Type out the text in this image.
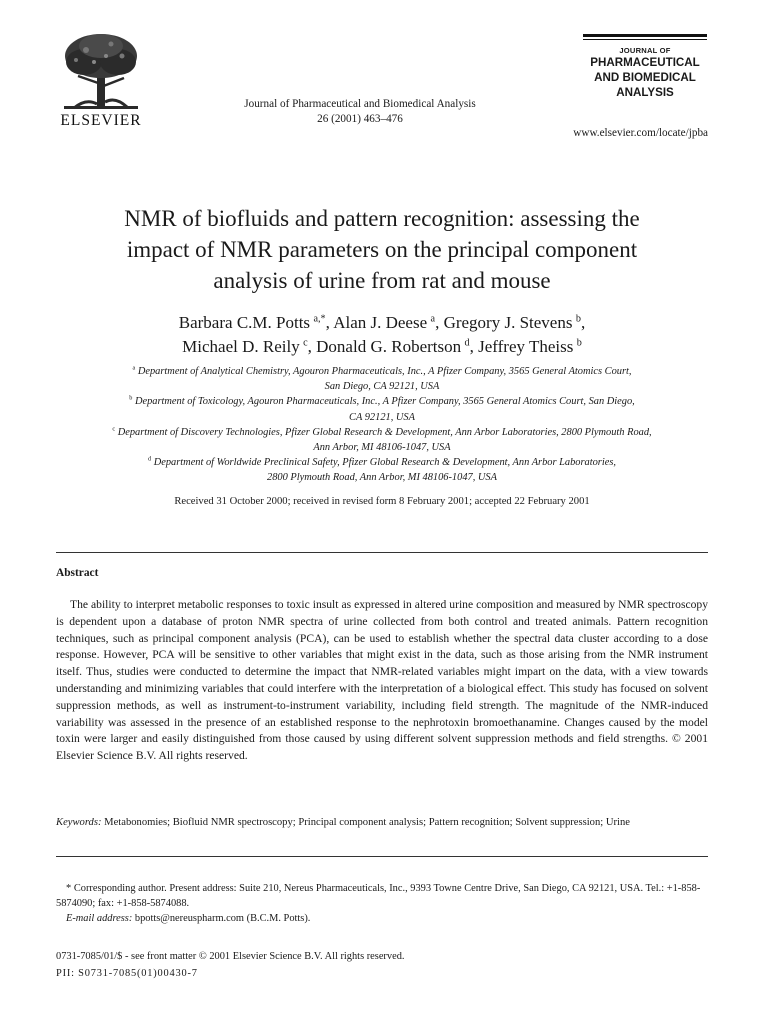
ELSEVIER
Journal of Pharmaceutical and Biomedical Analysis
26 (2001) 463–476
JOURNAL OF
PHARMACEUTICAL
AND BIOMEDICAL
ANALYSIS
www.elsevier.com/locate/jpba
NMR of biofluids and pattern recognition: assessing the
impact of NMR parameters on the principal component
analysis of urine from rat and mouse
Barbara C.M. Potts  $^{a,*}$, Alan J. Deese  $^a$, Gregory J. Stevens  $^b$,
Michael D. Reily  $^c$, Donald G. Robertson  $^d$, Jeffrey Theiss  $^b$
$^a$ Department of Analytical Chemistry, Agouron Pharmaceuticals, Inc., A Pfizer Company, 3565 General Atomics Court,
San Diego, CA 92121, USA
$^b$ Department of Toxicology, Agouron Pharmaceuticals, Inc., A Pfizer Company, 3565 General Atomics Court, San Diego,
CA 92121, USA
$^c$ Department of Discovery Technologies, Pfizer Global Research & Development, Ann Arbor Laboratories, 2800 Plymouth Road,
Ann Arbor, MI 48106-1047, USA
$^d$ Department of Worldwide Preclinical Safety, Pfizer Global Research & Development, Ann Arbor Laboratories,
2800 Plymouth Road, Ann Arbor, MI 48106-1047, USA
Received 31 October 2000; received in revised form 8 February 2001; accepted 22 February 2001
Abstract
The ability to interpret metabolic responses to toxic insult as expressed in altered urine composition and measured by NMR spectroscopy is dependent upon a database of proton NMR spectra of urine collected from both control and treated animals. Pattern recognition techniques, such as principal component analysis (PCA), can be used to establish whether the spectral data cluster according to a dose response. However, PCA will be sensitive to other variables that might exist in the data, such as those arising from the NMR instrument itself. Thus, studies were conducted to determine the impact that NMR-related variables might impart on the data, with a view towards understanding and minimizing variables that could interfere with the interpretation of a biological effect. This study has focused on solvent suppression methods, as well as instrument-to-instrument variability, including field strength. The magnitude of the NMR-induced variability was assessed in the presence of an established response to the nephrotoxin bromoethanamine. Changes caused by the model toxin were larger and easily distinguished from those caused by using different solvent suppression methods and field strengths. © 2001 Elsevier Science B.V. All rights reserved.
Keywords: Metabonomies; Biofluid NMR spectroscopy; Principal component analysis; Pattern recognition; Solvent suppression; Urine
* Corresponding author. Present address: Suite 210, Nereus Pharmaceuticals, Inc., 9393 Towne Centre Drive, San Diego, CA 92121, USA. Tel.: +1-858-5874090; fax: +1-858-5874088.
E-mail address: bpotts@nereuspharm.com (B.C.M. Potts).
0731-7085/01/$ - see front matter © 2001 Elsevier Science B.V. All rights reserved.
PII: S0731-7085(01)00430-7
